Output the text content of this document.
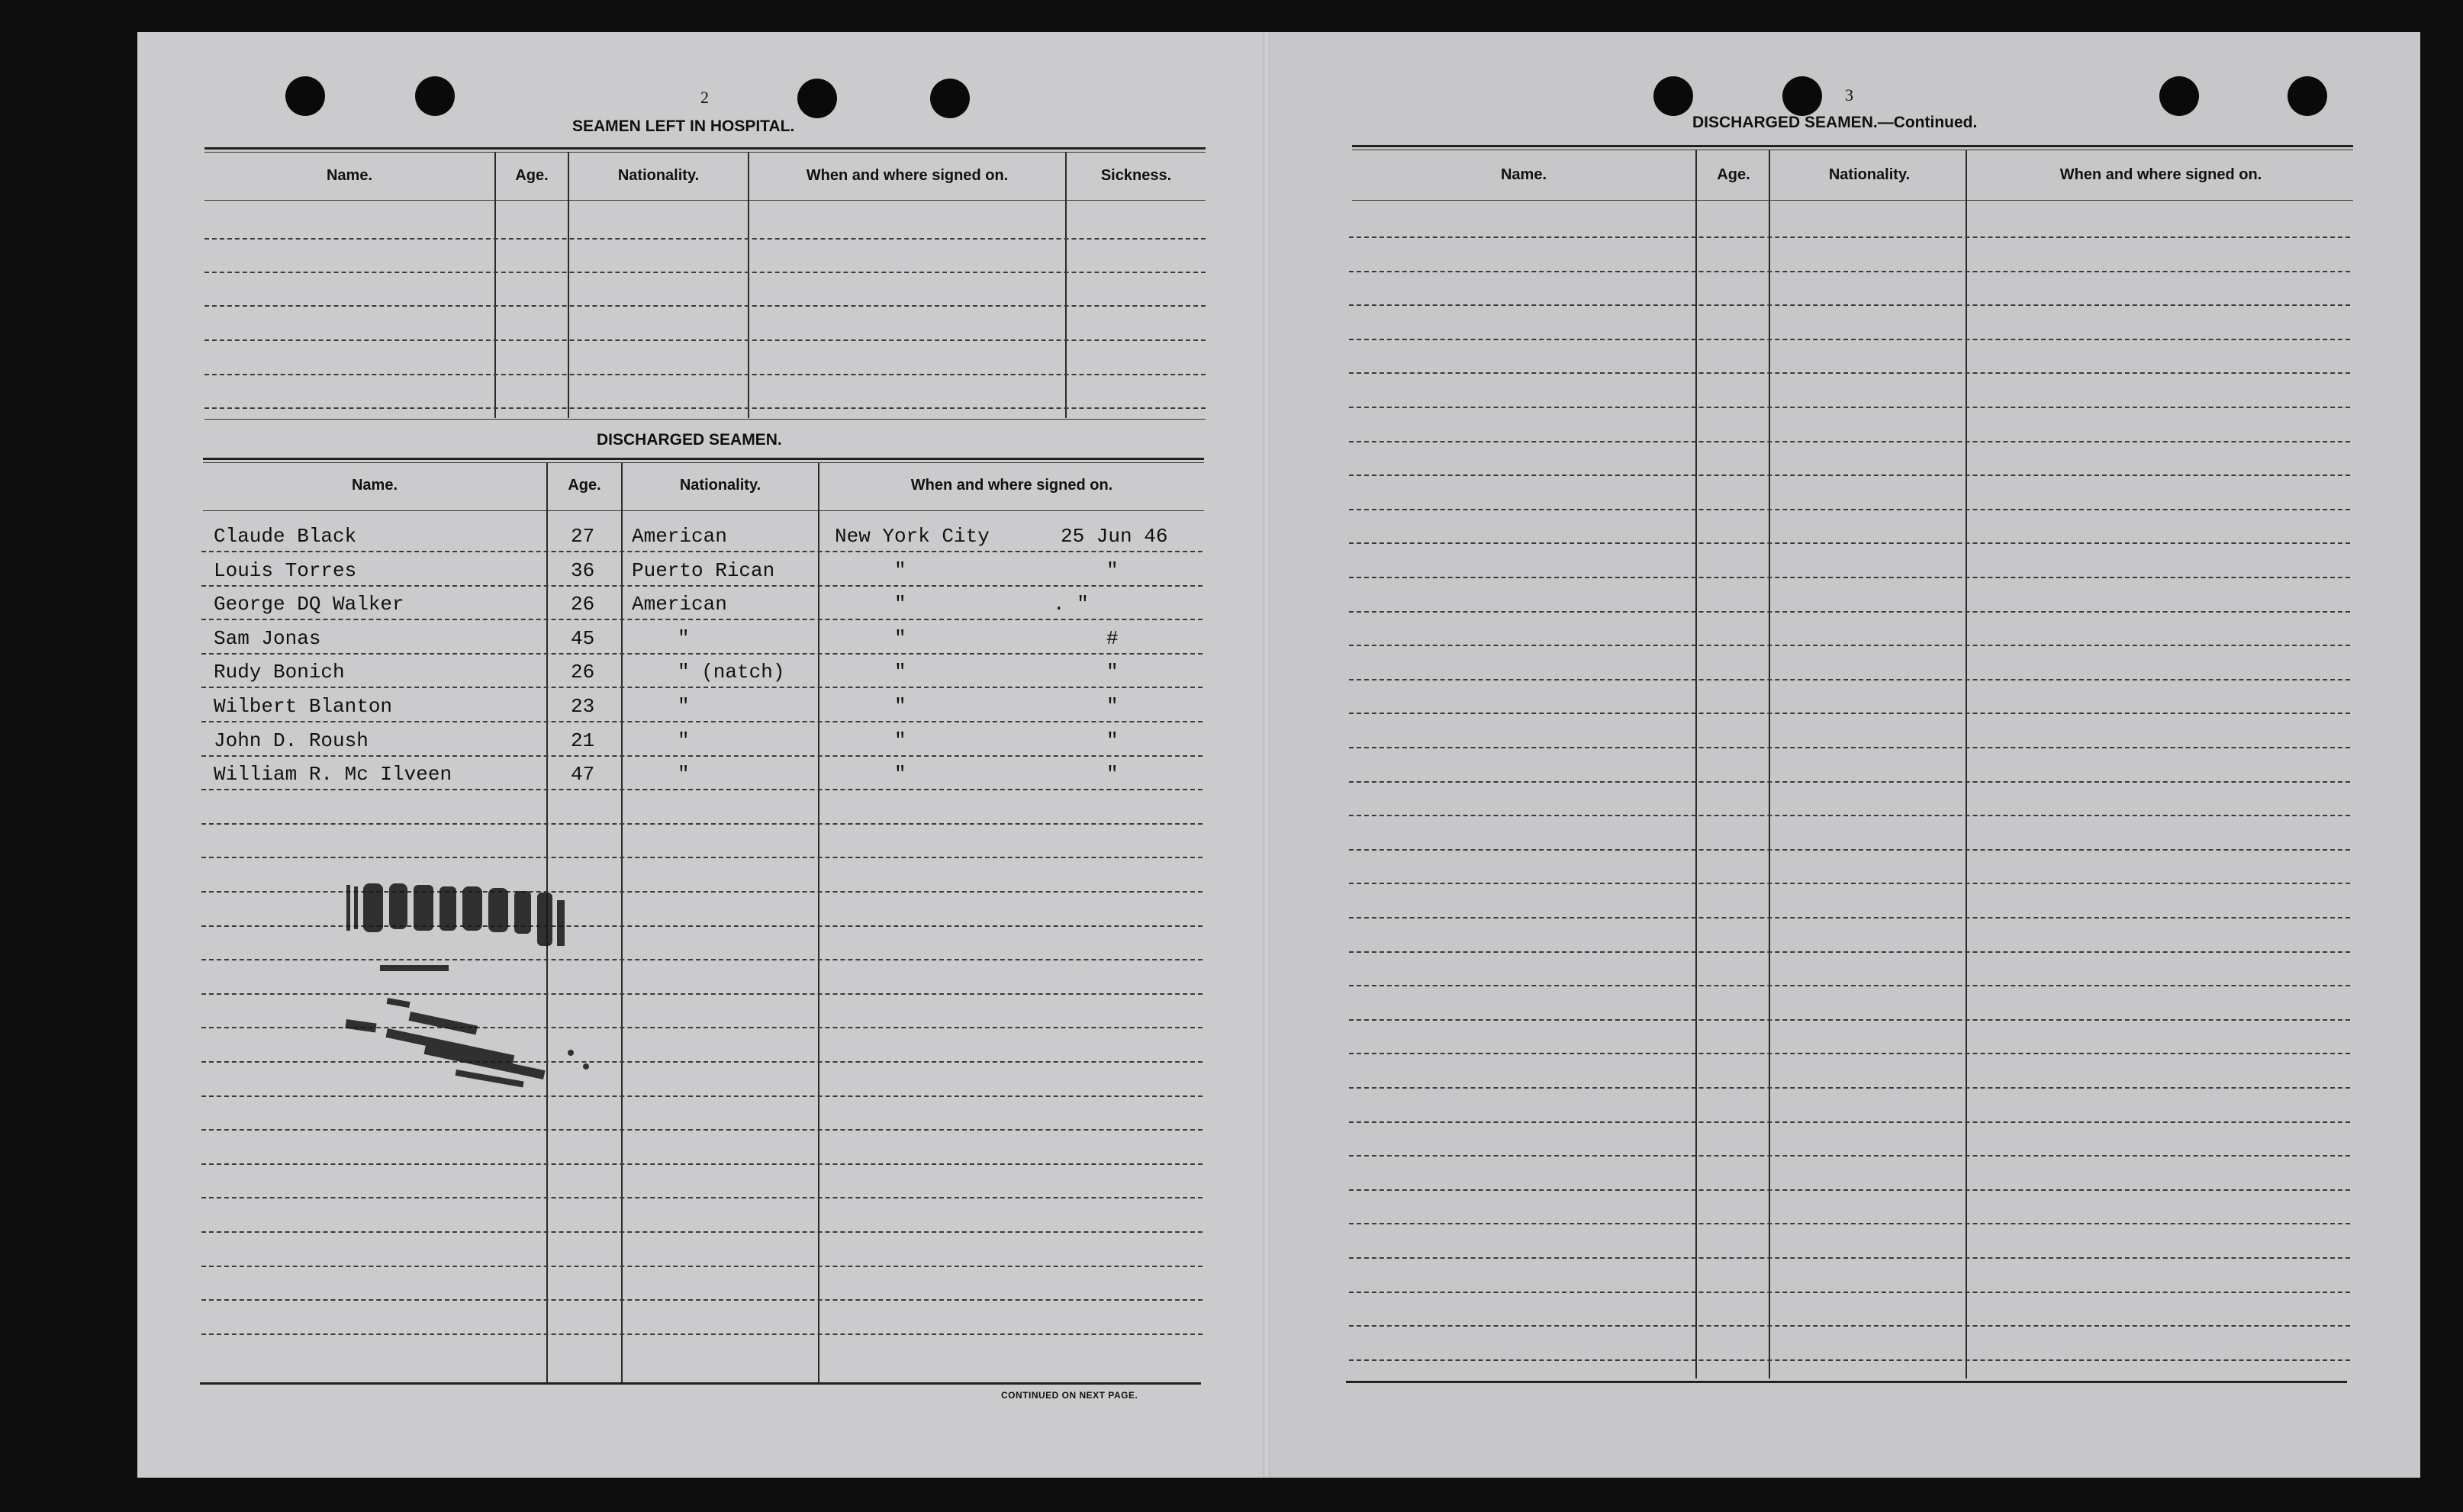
2
SEAMEN LEFT IN HOSPITAL.
Name.	Age.	Nationality.	When and where signed on.	Sickness.
DISCHARGED SEAMEN.
Name.	Age.	Nationality.	When and where signed on.
Claude Black	27 American	New York City	25 Jun 46
Louis Torres	36 Puerto Rican	"	"
George DQ Walker	26 American	"	. "
Sam Jonas	45	"	"	#
Rudy Bonich	26	" (natch)	"	"
Wilbert Blanton	23	"	"	"
John D. Roush	21	"	"	"
William R. Mc Ilveen	47	"	"	"
CONTINUED ON NEXT PAGE.
3
DISCHARGED SEAMEN.—Continued.
Name.	Age.	Nationality.	When and where signed on.
